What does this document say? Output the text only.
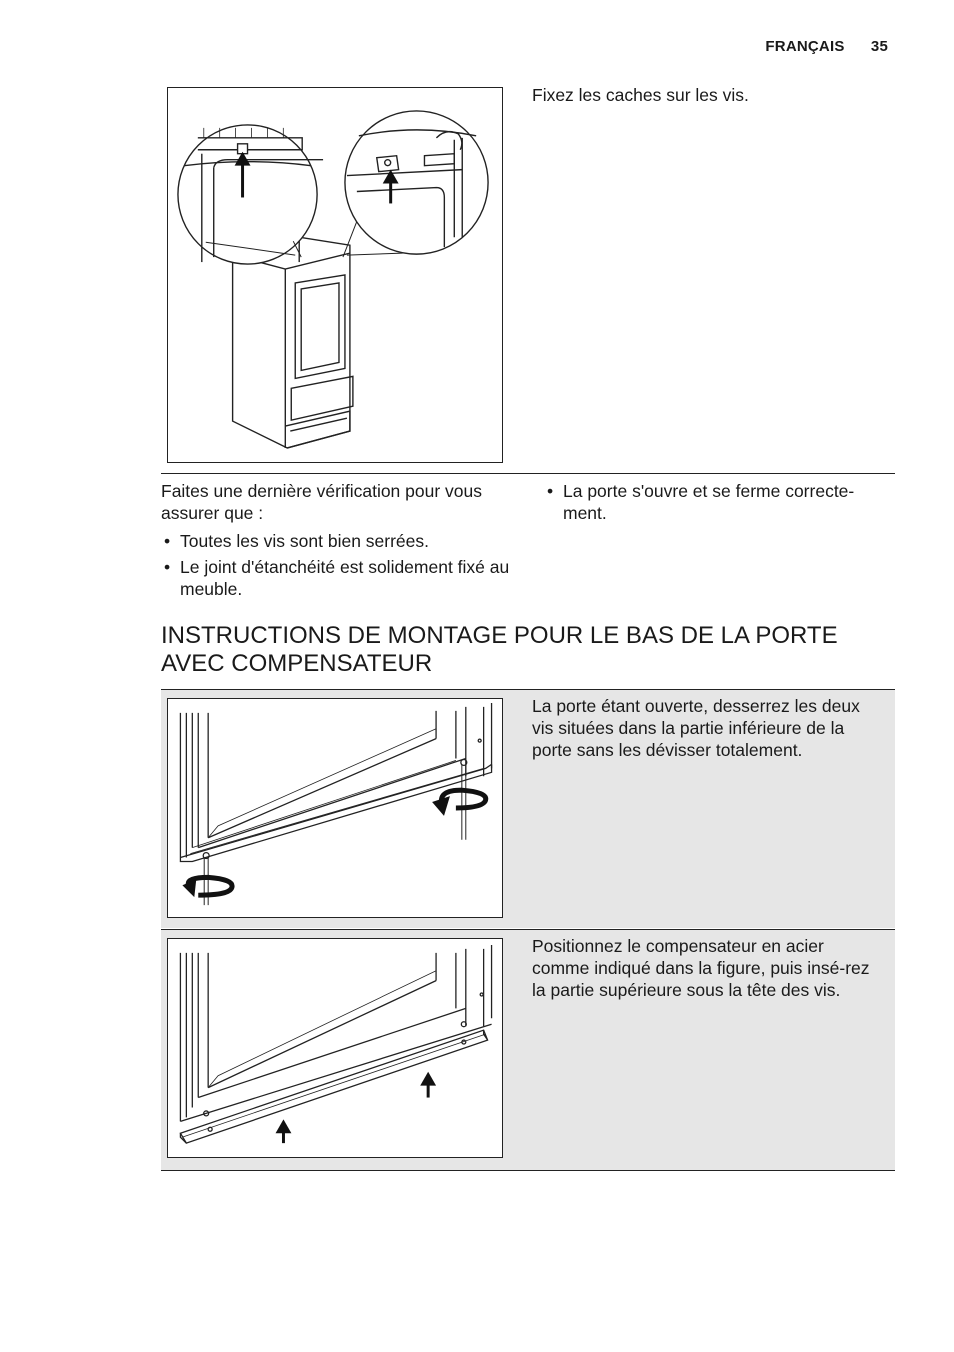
FRANÇAIS 35
Fixez les caches sur les vis.
Faites une dernière vérification pour vous assurer que :
• Toutes les vis sont bien serrées.
• Le joint d'étanchéité est solidement fixé au meuble.
• La porte s'ouvre et se ferme correcte-ment.
INSTRUCTIONS DE MONTAGE POUR LE BAS DE LA PORTE AVEC COMPENSATEUR
La porte étant ouverte, desserrez les deux vis situées dans la partie inférieure de la porte sans les dévisser totalement.
Positionnez le compensateur en acier comme indiqué dans la figure, puis insé-rez la partie supérieure sous la tête des vis.
